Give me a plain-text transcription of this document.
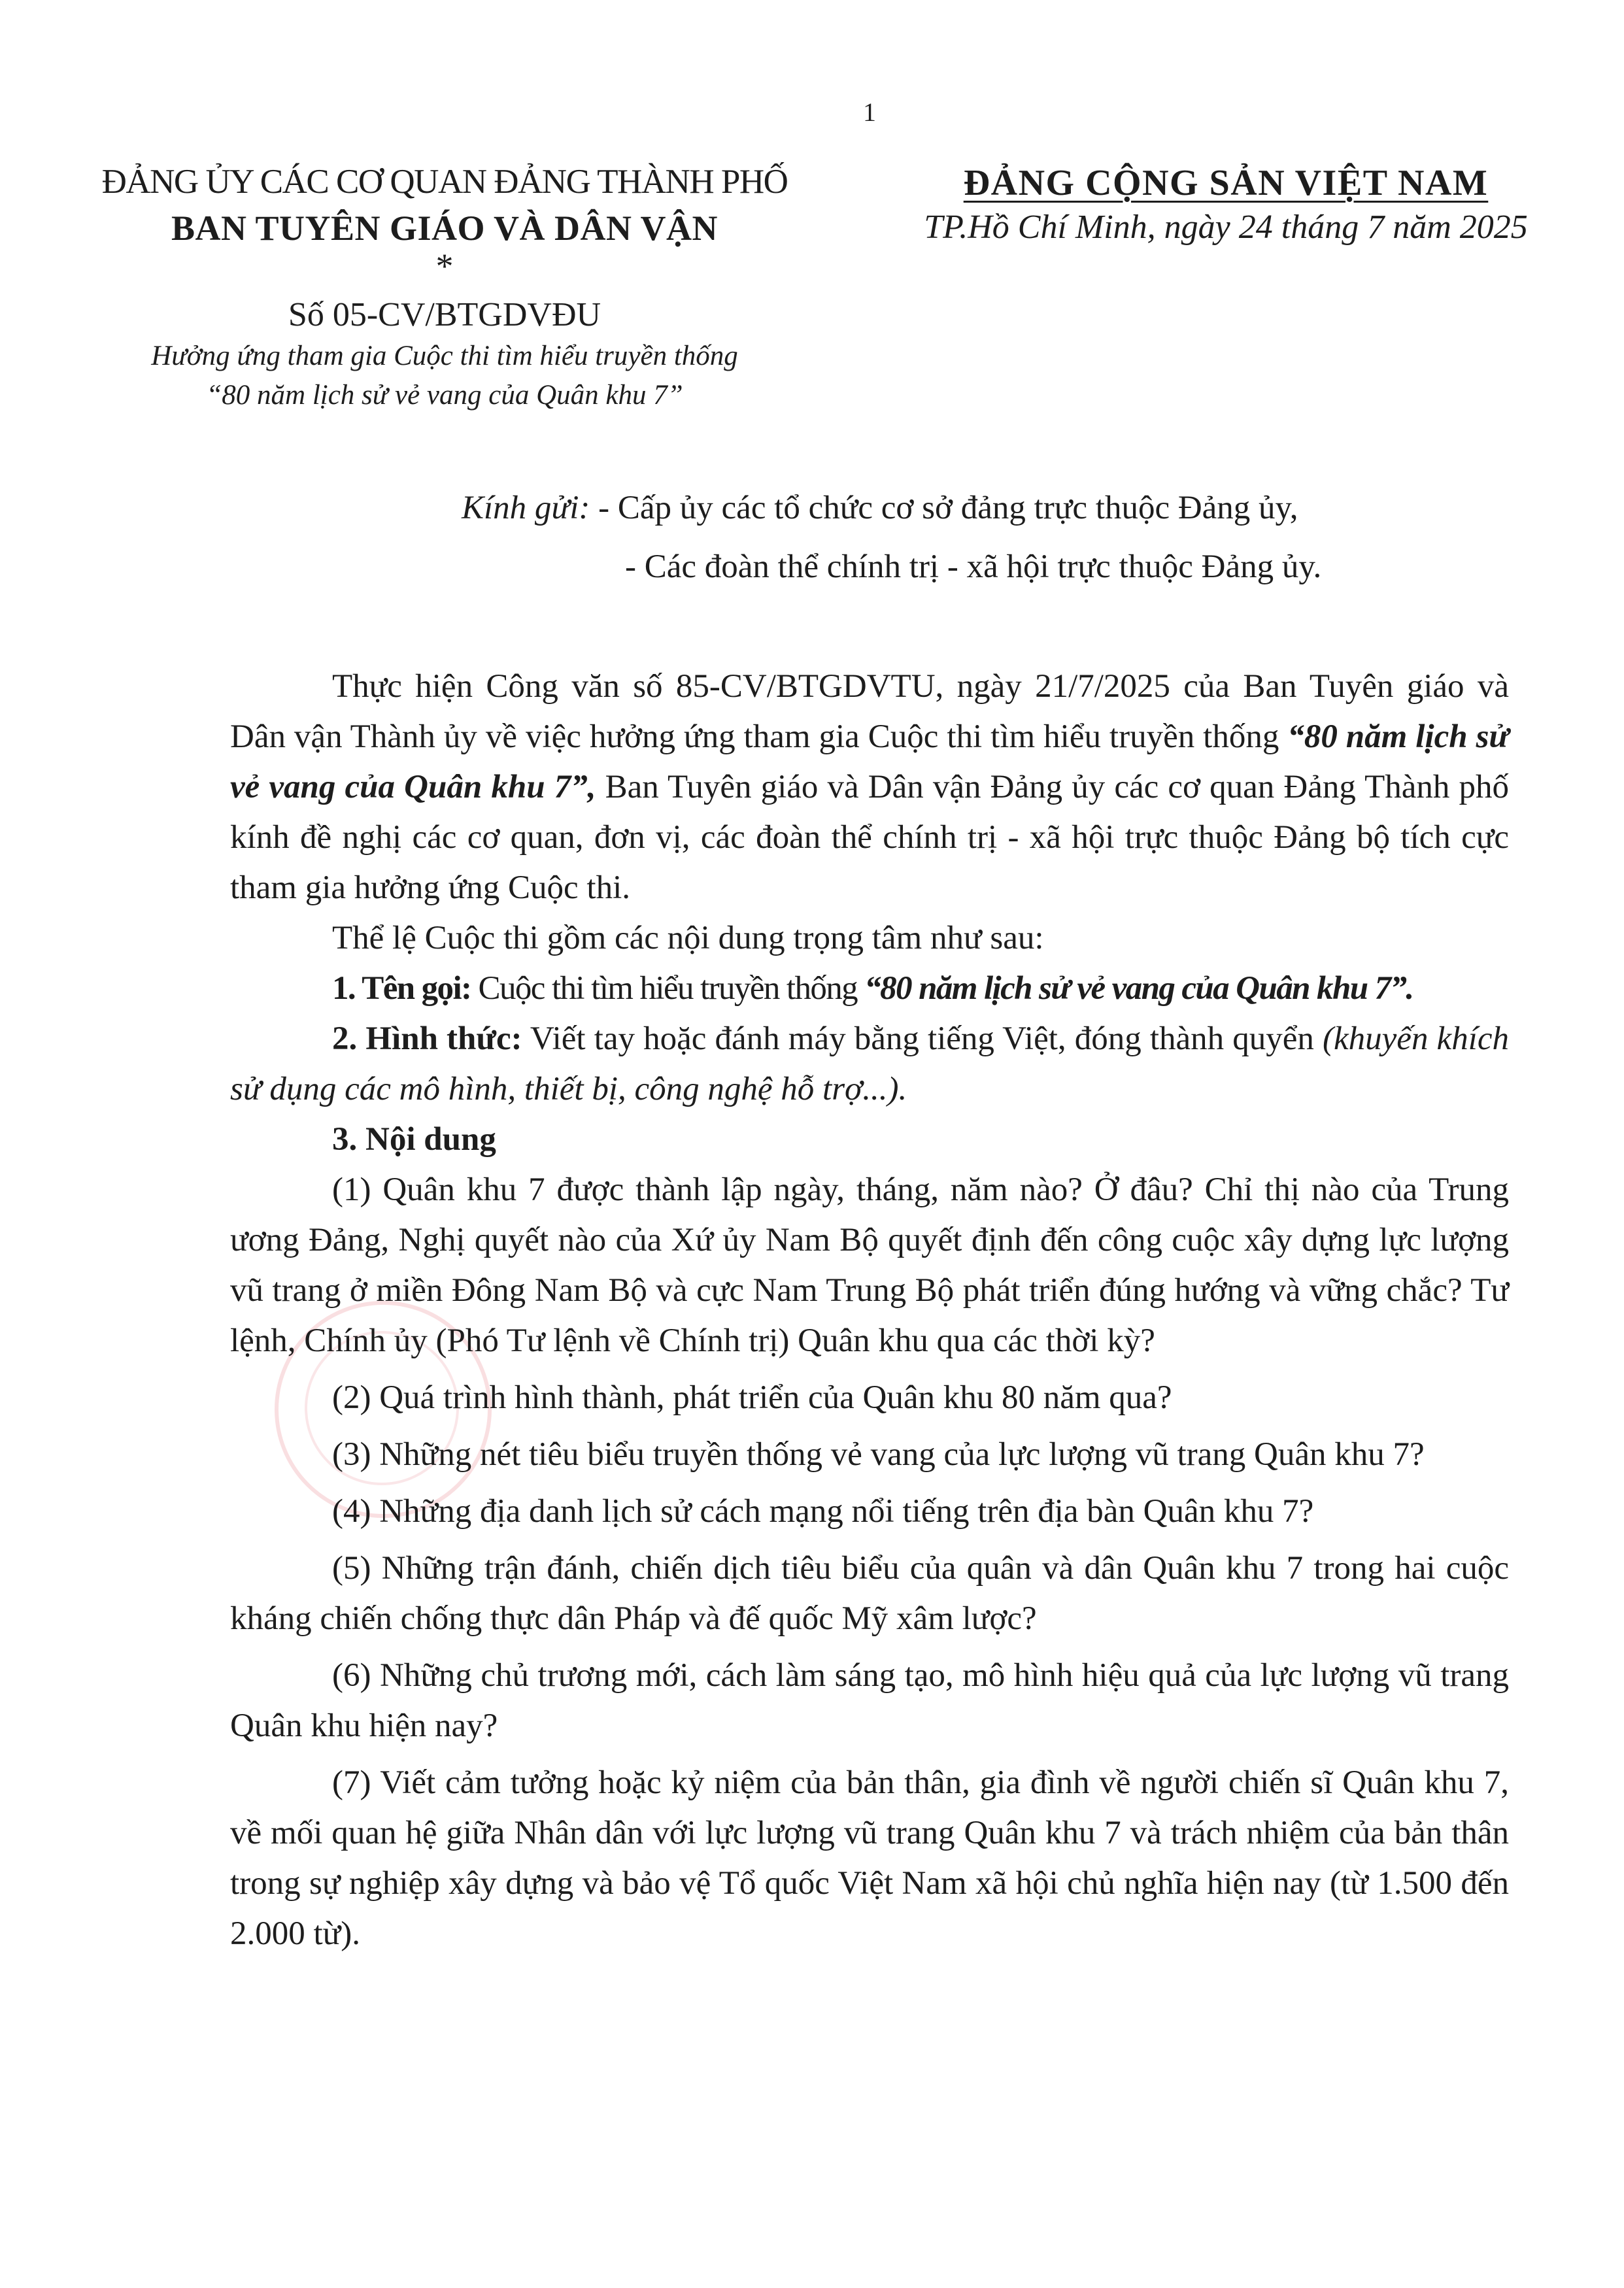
1
ĐẢNG ỦY CÁC CƠ QUAN ĐẢNG THÀNH PHỐ
BAN TUYÊN GIÁO VÀ DÂN VẬN
*
Số 05-CV/BTGDVĐU
Hưởng ứng tham gia Cuộc thi tìm hiểu truyền thống
“80 năm lịch sử vẻ vang của Quân khu 7”
ĐẢNG CỘNG SẢN VIỆT NAM
TP.Hồ Chí Minh, ngày 24 tháng 7 năm 2025
Kính gửi: - Cấp ủy các tổ chức cơ sở đảng trực thuộc Đảng ủy,
- Các đoàn thể chính trị - xã hội trực thuộc Đảng ủy.

Thực hiện Công văn số 85-CV/BTGDVTU, ngày 21/7/2025 của Ban Tuyên giáo và Dân vận Thành ủy về việc hưởng ứng tham gia Cuộc thi tìm hiểu truyền thống “80 năm lịch sử vẻ vang của Quân khu 7”, Ban Tuyên giáo và Dân vận Đảng ủy các cơ quan Đảng Thành phố kính đề nghị các cơ quan, đơn vị, các đoàn thể chính trị - xã hội trực thuộc Đảng bộ tích cực tham gia hưởng ứng Cuộc thi.

Thể lệ Cuộc thi gồm các nội dung trọng tâm như sau:

1. Tên gọi: Cuộc thi tìm hiểu truyền thống “80 năm lịch sử vẻ vang của Quân khu 7”.

2. Hình thức: Viết tay hoặc đánh máy bằng tiếng Việt, đóng thành quyển (khuyến khích sử dụng các mô hình, thiết bị, công nghệ hỗ trợ...).

3. Nội dung

(1) Quân khu 7 được thành lập ngày, tháng, năm nào? Ở đâu? Chỉ thị nào của Trung ương Đảng, Nghị quyết nào của Xứ ủy Nam Bộ quyết định đến công cuộc xây dựng lực lượng vũ trang ở miền Đông Nam Bộ và cực Nam Trung Bộ phát triển đúng hướng và vững chắc? Tư lệnh, Chính ủy (Phó Tư lệnh về Chính trị) Quân khu qua các thời kỳ?

(2) Quá trình hình thành, phát triển của Quân khu 80 năm qua?

(3) Những nét tiêu biểu truyền thống vẻ vang của lực lượng vũ trang Quân khu 7?

(4) Những địa danh lịch sử cách mạng nổi tiếng trên địa bàn Quân khu 7?

(5) Những trận đánh, chiến dịch tiêu biểu của quân và dân Quân khu 7 trong hai cuộc kháng chiến chống thực dân Pháp và đế quốc Mỹ xâm lược?

(6) Những chủ trương mới, cách làm sáng tạo, mô hình hiệu quả của lực lượng vũ trang Quân khu hiện nay?

(7) Viết cảm tưởng hoặc kỷ niệm của bản thân, gia đình về người chiến sĩ Quân khu 7, về mối quan hệ giữa Nhân dân với lực lượng vũ trang Quân khu 7 và trách nhiệm của bản thân trong sự nghiệp xây dựng và bảo vệ Tổ quốc Việt Nam xã hội chủ nghĩa hiện nay (từ 1.500 đến 2.000 từ).
